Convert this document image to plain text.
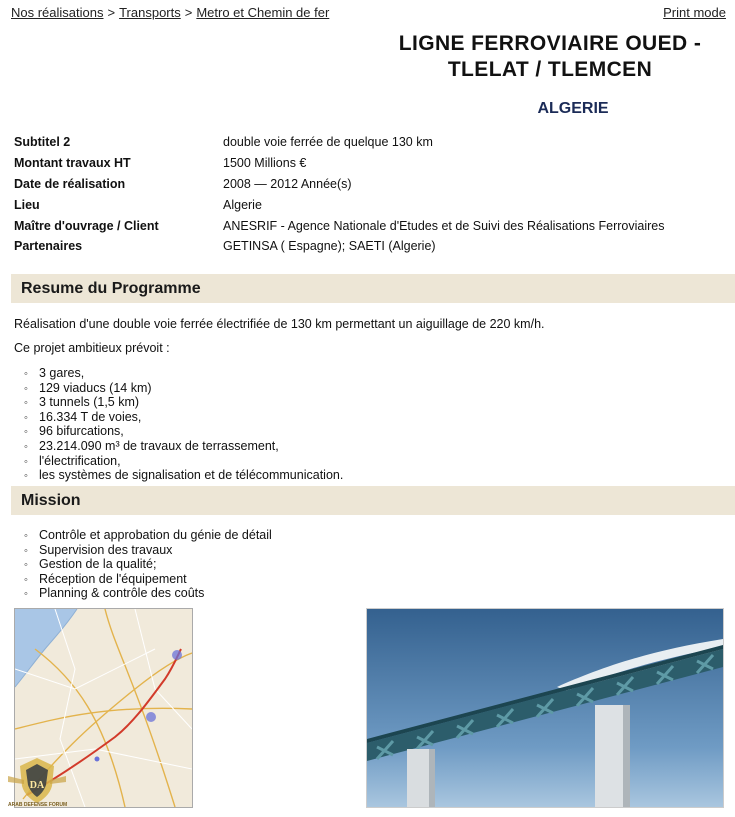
Nos réalisations > Transports > Metro et Chemin de fer	Print mode
LIGNE FERROVIAIRE OUED -
TLELAT / TLEMCEN
ALGERIE
Subtitel 2	double voie ferrée de quelque 130 km
Montant travaux HT	1500 Millions €
Date de réalisation	2008 — 2012 Année(s)
Lieu	Algerie
Maître d'ouvrage / Client	ANESRIF - Agence Nationale d'Etudes et de Suivi des Réalisations Ferroviaires
Partenaires	GETINSA ( Espagne); SAETI (Algerie)
Resume du Programme
Réalisation d'une double voie ferrée électrifiée de 130 km permettant un aiguillage de 220 km/h.
Ce projet ambitieux prévoit :
◦ 3 gares,
◦ 129 viaducs (14 km)
◦ 3 tunnels (1,5 km)
◦ 16.334 T de voies,
◦ 96 bifurcations,
◦ 23.214.090 m³ de travaux de terrassement,
◦ l'électrification,
◦ les systèmes de signalisation et de télécommunication.
Mission
◦ Contrôle et approbation du génie de détail
◦ Supervision des travaux
◦ Gestion de la qualité;
◦ Réception de l'équipement
◦ Planning & contrôle des coûts
DA
ARAB DEFENSE FORUM
